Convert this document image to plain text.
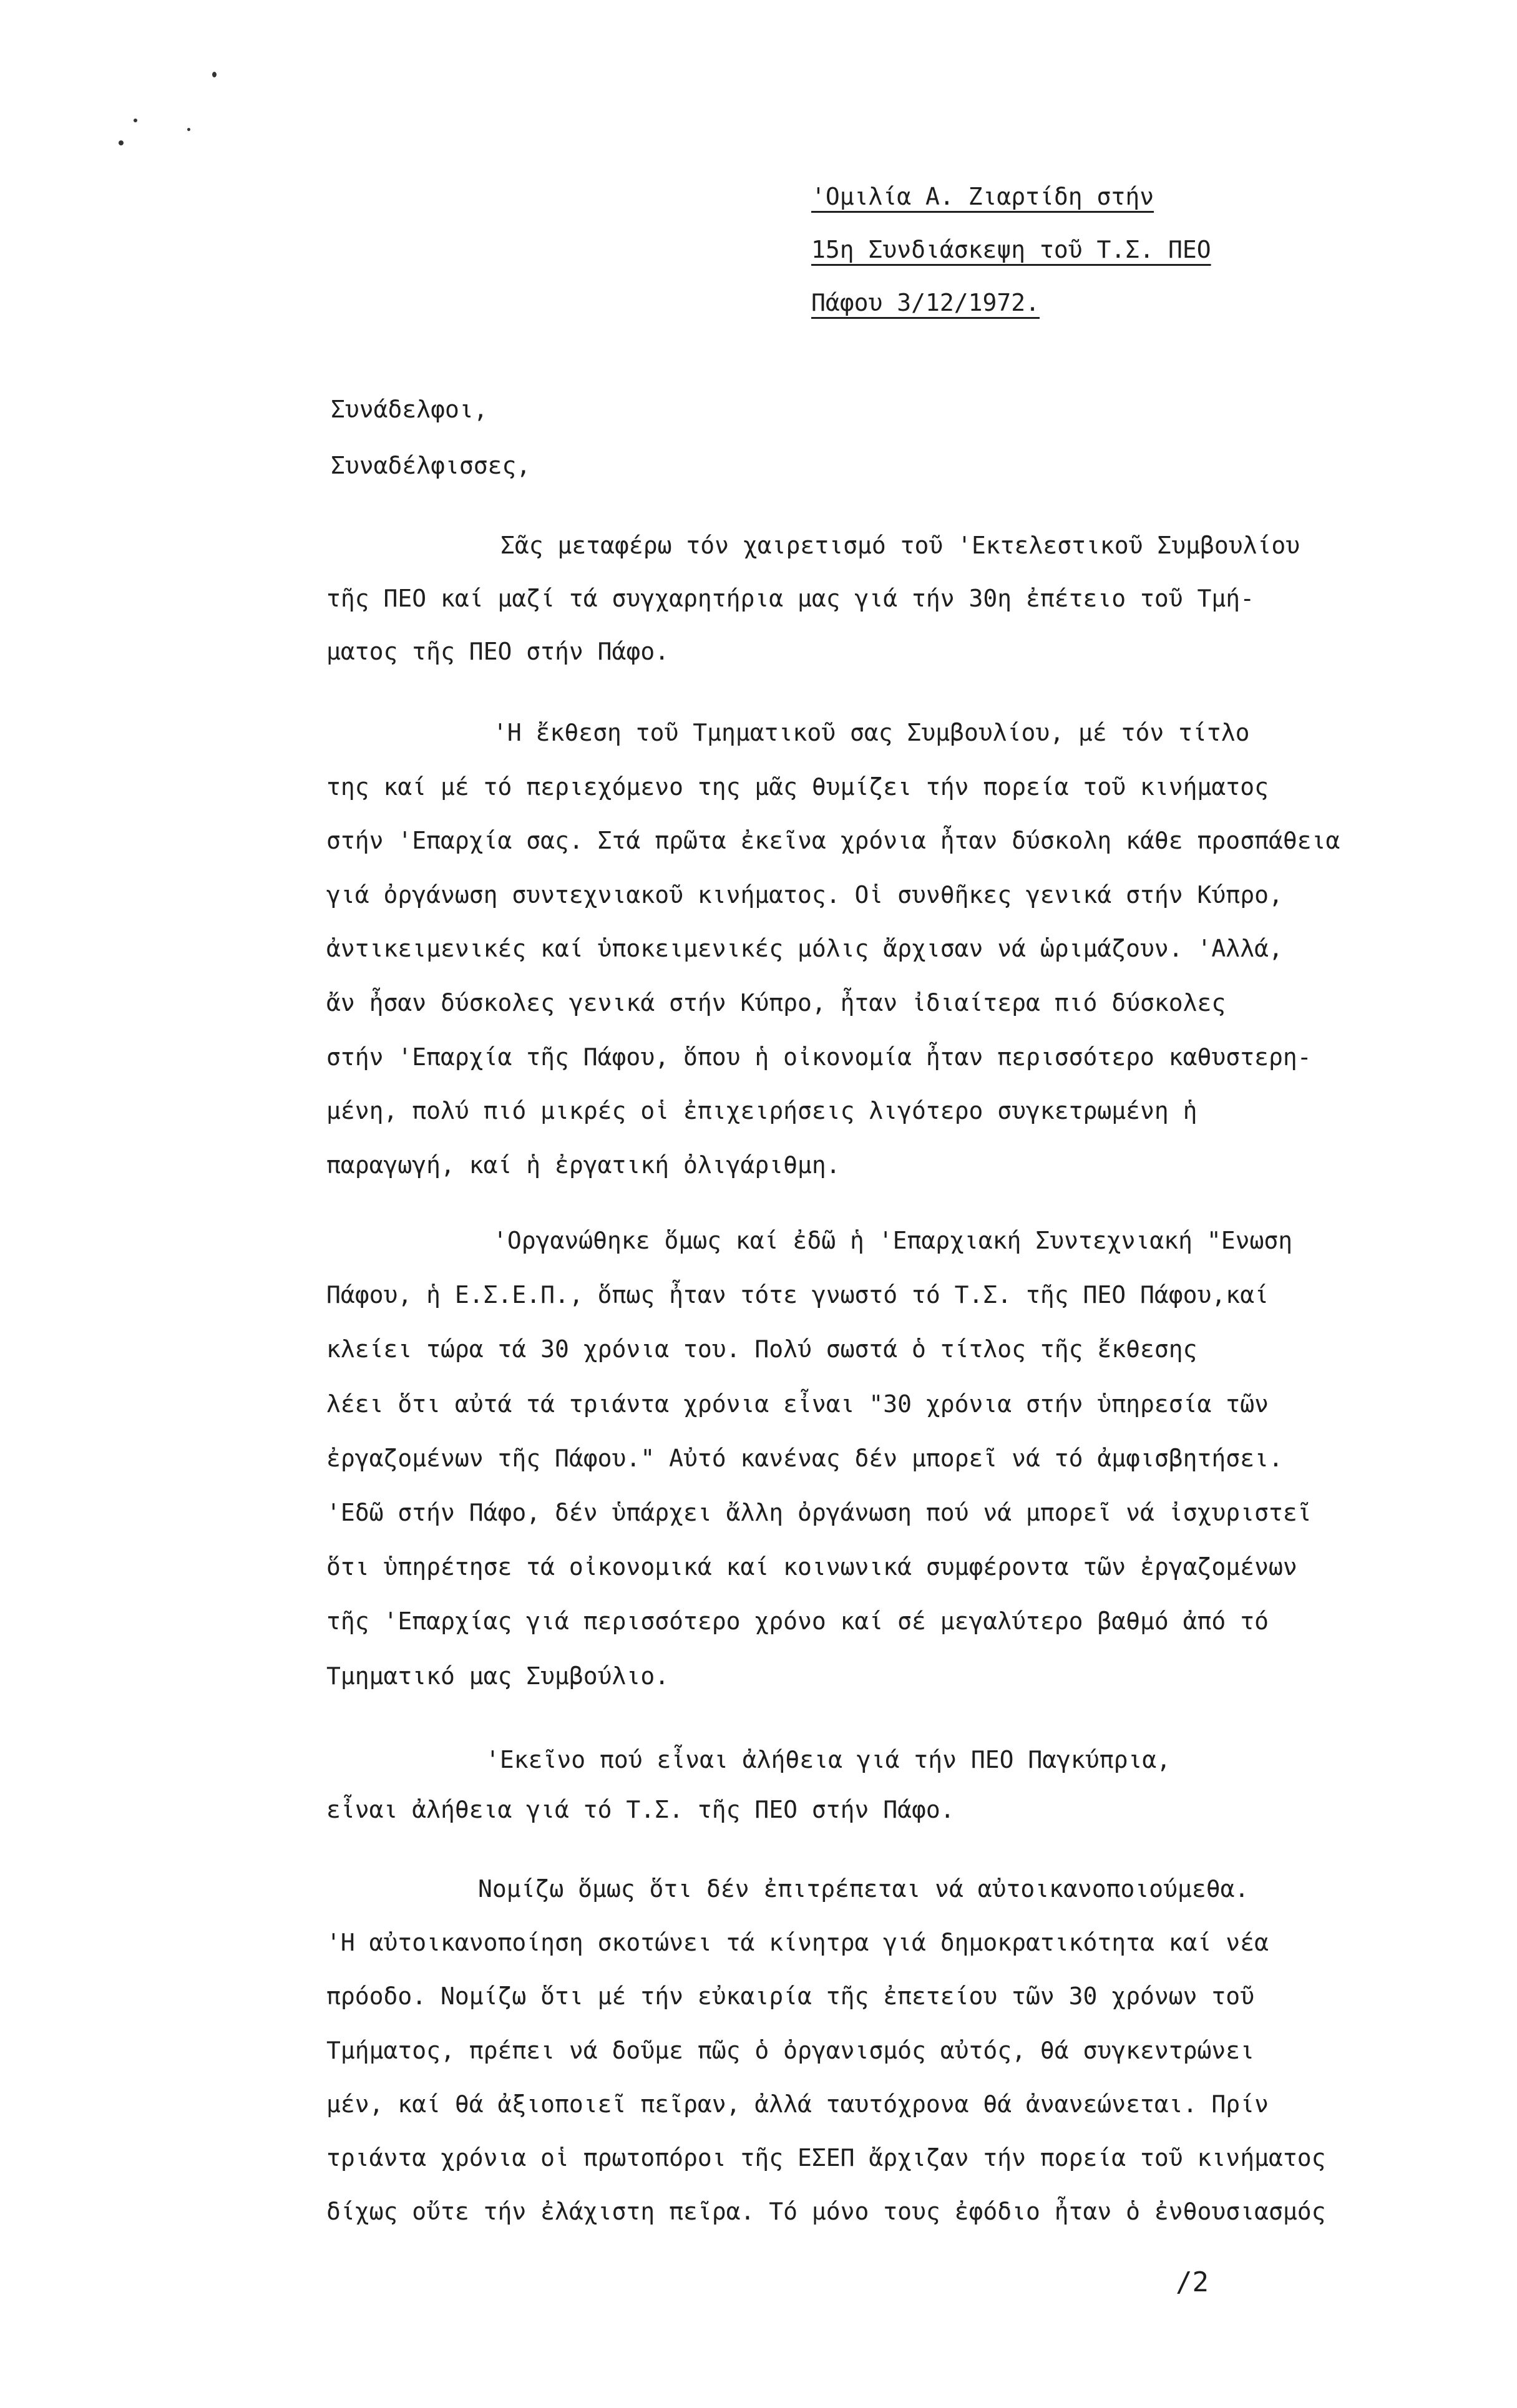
'Ομιλία Α. Ζιαρτίδη στήν
15η Συνδιάσκεψη τοῦ Τ.Σ. ΠΕΟ
Πάφου 3/12/1972.
Συνάδελφοι,
Συναδέλφισσες,
Σᾶς μεταφέρω τόν χαιρετισμό τοῦ 'Εκτελεστικοῦ Συμβουλίου
τῆς ΠΕΟ καί μαζί τά συγχαρητήρια μας γιά τήν 30η ἐπέτειο τοῦ Τμή-
ματος τῆς ΠΕΟ στήν Πάφο.
'Η ἔκθεση τοῦ Τμηματικοῦ σας Συμβουλίου, μέ τόν τίτλο
της καί μέ τό περιεχόμενο της μᾶς θυμίζει τήν πορεία τοῦ κινήματος
στήν 'Επαρχία σας. Στά πρῶτα ἐκεῖνα χρόνια ἦταν δύσκολη κάθε προσπάθεια
γιά ὀργάνωση συντεχνιακοῦ κινήματος. Οἱ συνθῆκες γενικά στήν Κύπρο,
ἀντικειμενικές καί ὑποκειμενικές μόλις ἄρχισαν νά ὡριμάζουν. 'Αλλά,
ἄν ἦσαν δύσκολες γενικά στήν Κύπρο, ἦταν ἰδιαίτερα πιό δύσκολες
στήν 'Επαρχία τῆς Πάφου, ὅπου ἡ οἰκονομία ἦταν περισσότερο καθυστερη-
μένη, πολύ πιό μικρές οἱ ἐπιχειρήσεις λιγότερο συγκετρωμένη ἡ
παραγωγή, καί ἡ ἐργατική ὀλιγάριθμη.
'Οργανώθηκε ὅμως καί ἐδῶ ἡ 'Επαρχιακή Συντεχνιακή "Ενωση
Πάφου, ἡ Ε.Σ.Ε.Π., ὅπως ἦταν τότε γνωστό τό Τ.Σ. τῆς ΠΕΟ Πάφου,καί
κλείει τώρα τά 30 χρόνια του. Πολύ σωστά ὁ τίτλος τῆς ἔκθεσης
λέει ὅτι αὐτά τά τριάντα χρόνια εἶναι "30 χρόνια στήν ὑπηρεσία τῶν
ἐργαζομένων τῆς Πάφου." Αὐτό κανένας δέν μπορεῖ νά τό ἀμφισβητήσει.
'Εδῶ στήν Πάφο, δέν ὑπάρχει ἄλλη ὀργάνωση πού νά μπορεῖ νά ἰσχυριστεῖ
ὅτι ὑπηρέτησε τά οἰκονομικά καί κοινωνικά συμφέροντα τῶν ἐργαζομένων
τῆς 'Επαρχίας γιά περισσότερο χρόνο καί σέ μεγαλύτερο βαθμό ἀπό τό
Τμηματικό μας Συμβούλιο.
'Εκεῖνο πού εἶναι ἀλήθεια γιά τήν ΠΕΟ Παγκύπρια,
εἶναι ἀλήθεια γιά τό Τ.Σ. τῆς ΠΕΟ στήν Πάφο.
Νομίζω ὅμως ὅτι δέν ἐπιτρέπεται νά αὐτοικανοποιούμεθα.
'Η αὐτοικανοποίηση σκοτώνει τά κίνητρα γιά δημοκρατικότητα καί νέα
πρόοδο. Νομίζω ὅτι μέ τήν εὐκαιρία τῆς ἐπετείου τῶν 30 χρόνων τοῦ
Τμήματος, πρέπει νά δοῦμε πῶς ὁ ὀργανισμός αὐτός, θά συγκεντρώνει
μέν, καί θά ἀξιοποιεῖ πεῖραν, ἀλλά ταυτόχρονα θά ἀνανεώνεται. Πρίν
τριάντα χρόνια οἱ πρωτοπόροι τῆς ΕΣΕΠ ἄρχιζαν τήν πορεία τοῦ κινήματος
δίχως οὔτε τήν ἐλάχιστη πεῖρα. Τό μόνο τους ἐφόδιο ἦταν ὁ ἐνθουσιασμός
/2
